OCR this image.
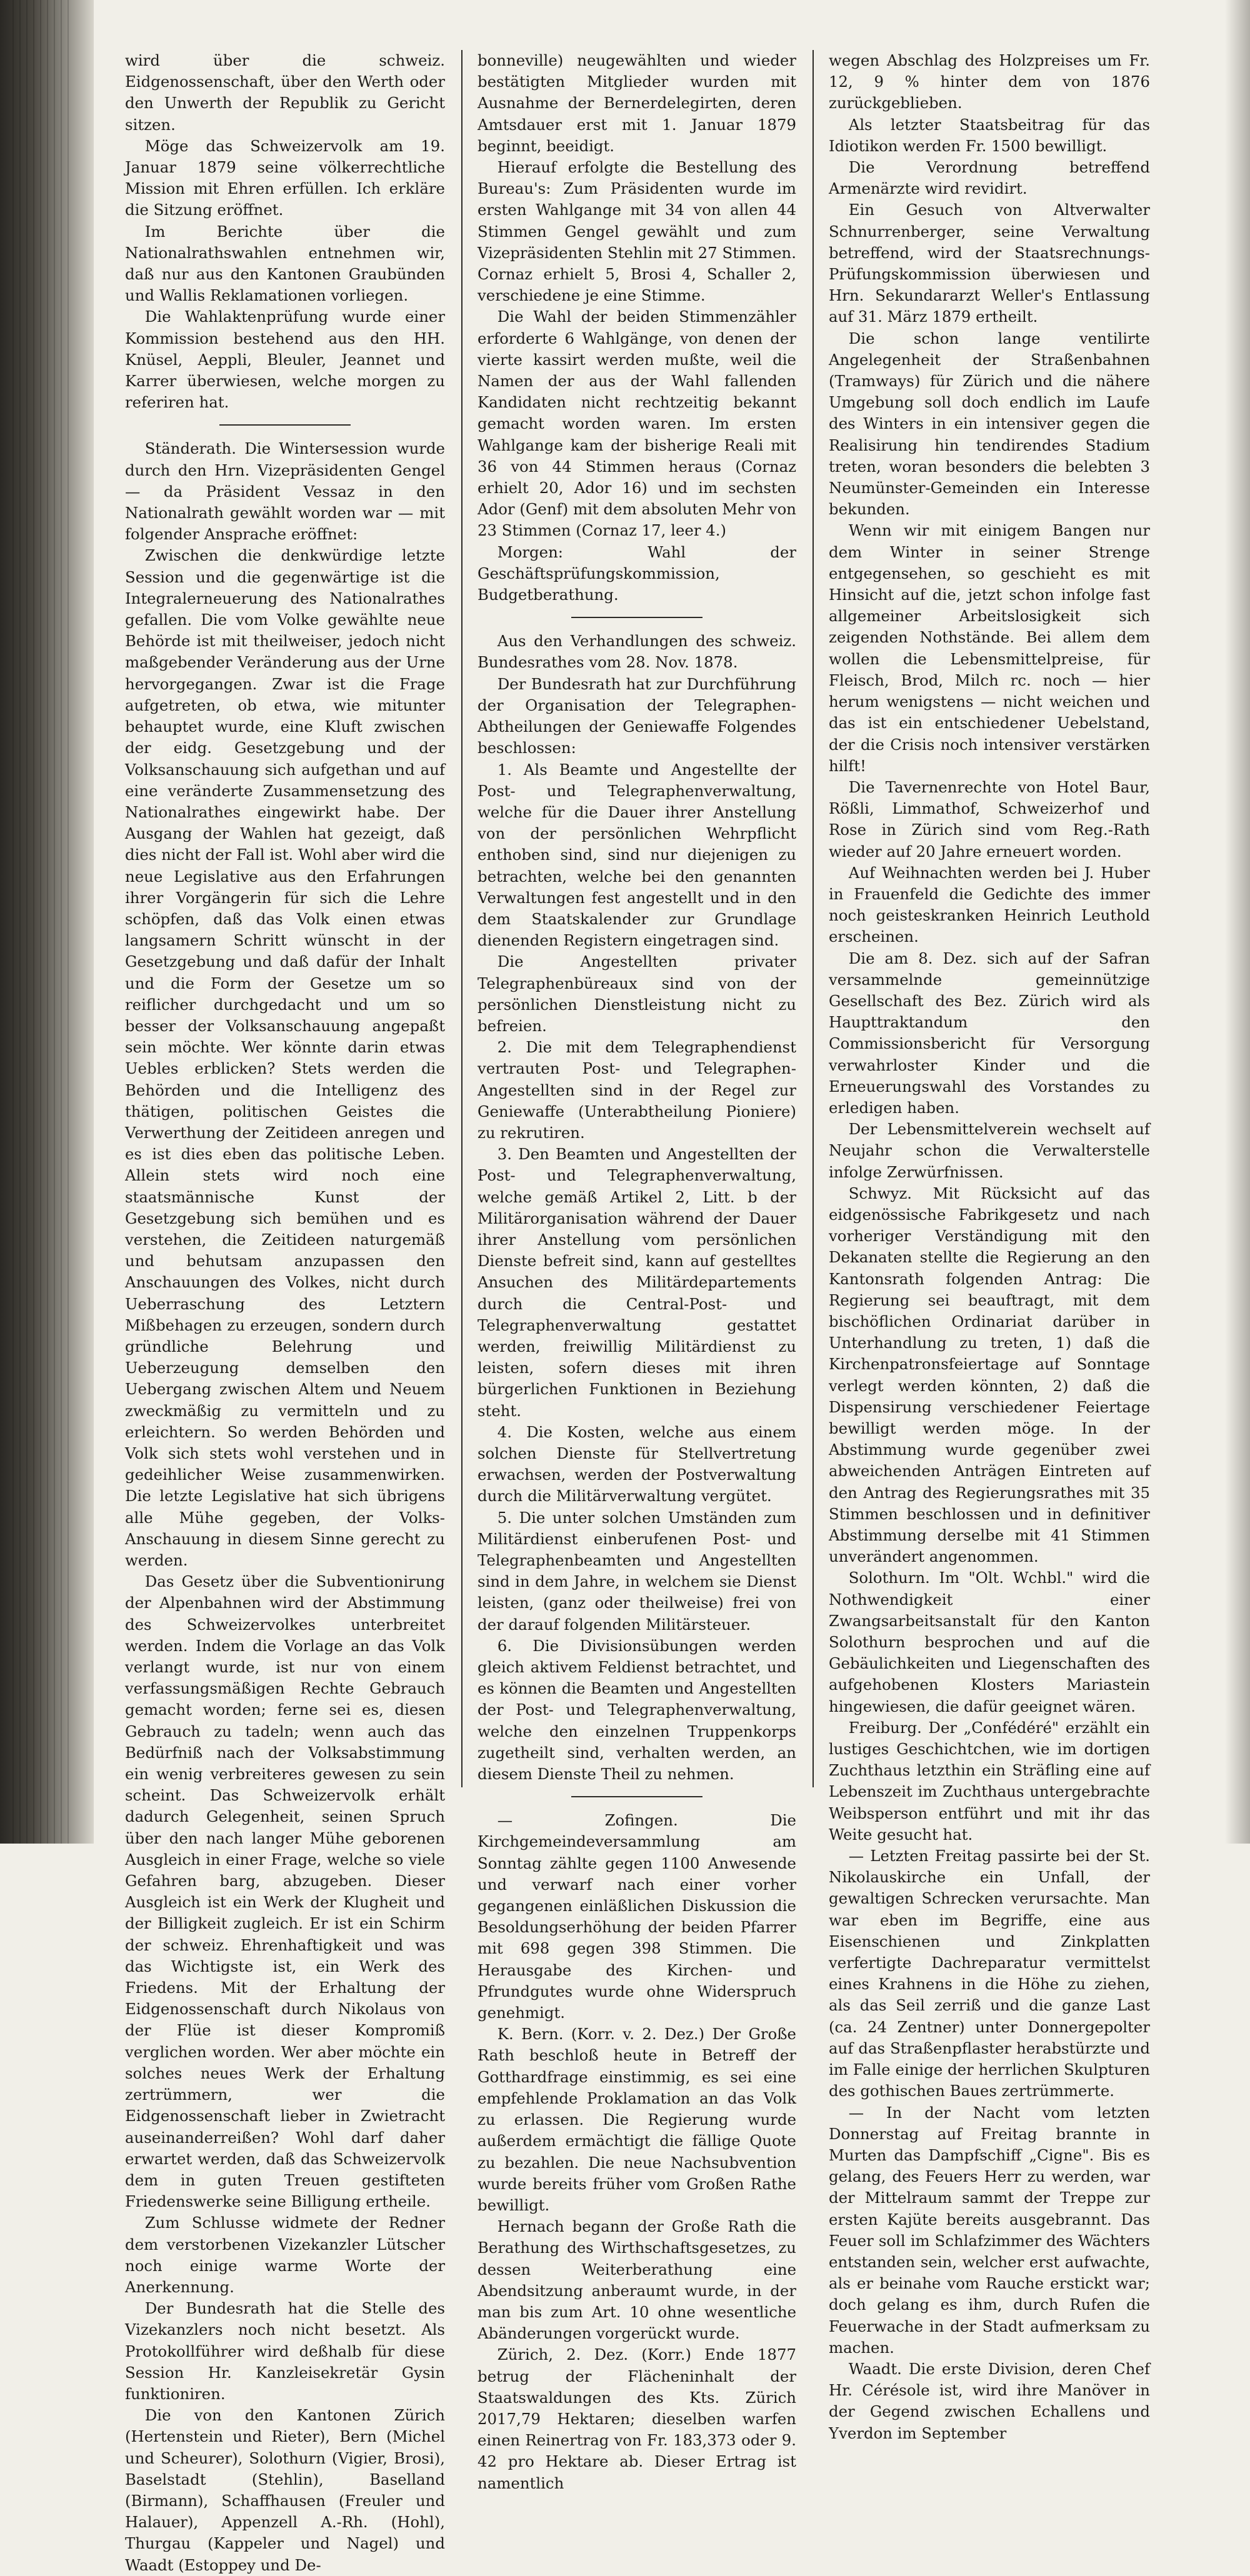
wird über die schweiz. Eidgenossenschaft, über den Werth oder den Unwerth der Republik zu Gericht sitzen.

Möge das Schweizervolk am 19. Januar 1879 seine völkerrechtliche Mission mit Ehren erfüllen. Ich erkläre die Sitzung eröffnet.

Im Berichte über die Nationalrathswahlen entnehmen wir, daß nur aus den Kantonen Graubünden und Wallis Reklamationen vorliegen.

Die Wahlaktenprüfung wurde einer Kommission bestehend aus den HH. Knüsel, Aeppli, Bleuler, Jeannet und Karrer überwiesen, welche morgen zu referiren hat.

Ständerath. Die Wintersession wurde durch den Hrn. Vizepräsidenten Gengel — da Präsident Vessaz in den Nationalrath gewählt worden war — mit folgender Ansprache eröffnet:

Zwischen die denkwürdige letzte Session und die gegenwärtige ist die Integralerneuerung des Nationalrathes gefallen. Die vom Volke gewählte neue Behörde ist mit theilweiser, jedoch nicht maßgebender Veränderung aus der Urne hervorgegangen. Zwar ist die Frage aufgetreten, ob etwa, wie mitunter behauptet wurde, eine Kluft zwischen der eidg. Gesetzgebung und der Volksanschauung sich aufgethan und auf eine veränderte Zusammensetzung des Nationalrathes eingewirkt habe. Der Ausgang der Wahlen hat gezeigt, daß dies nicht der Fall ist. Wohl aber wird die neue Legislative aus den Erfahrungen ihrer Vorgängerin für sich die Lehre schöpfen, daß das Volk einen etwas langsamern Schritt wünscht in der Gesetzgebung und daß dafür der Inhalt und die Form der Gesetze um so reiflicher durchgedacht und um so besser der Volksanschauung angepaßt sein möchte. Wer könnte darin etwas Uebles erblicken? Stets werden die Behörden und die Intelligenz des thätigen, politischen Geistes die Verwerthung der Zeitideen anregen und es ist dies eben das politische Leben. Allein stets wird noch eine staatsmännische Kunst der Gesetzgebung sich bemühen und es verstehen, die Zeitideen naturgemäß und behutsam anzupassen den Anschauungen des Volkes, nicht durch Ueberraschung des Letztern Mißbehagen zu erzeugen, sondern durch gründliche Belehrung und Ueberzeugung demselben den Uebergang zwischen Altem und Neuem zweckmäßig zu vermitteln und zu erleichtern. So werden Behörden und Volk sich stets wohl verstehen und in gedeihlicher Weise zusammenwirken. Die letzte Legislative hat sich übrigens alle Mühe gegeben, der Volks-Anschauung in diesem Sinne gerecht zu werden.

Das Gesetz über die Subventionirung der Alpenbahnen wird der Abstimmung des Schweizervolkes unterbreitet werden. Indem die Vorlage an das Volk verlangt wurde, ist nur von einem verfassungsmäßigen Rechte Gebrauch gemacht worden; ferne sei es, diesen Gebrauch zu tadeln; wenn auch das Bedürfniß nach der Volksabstimmung ein wenig verbreiteres gewesen zu sein scheint. Das Schweizervolk erhält dadurch Gelegenheit, seinen Spruch über den nach langer Mühe geborenen Ausgleich in einer Frage, welche so viele Gefahren barg, abzugeben. Dieser Ausgleich ist ein Werk der Klugheit und der Billigkeit zugleich. Er ist ein Schirm der schweiz. Ehrenhaftigkeit und was das Wichtigste ist, ein Werk des Friedens. Mit der Erhaltung der Eidgenossenschaft durch Nikolaus von der Flüe ist dieser Kompromiß verglichen worden. Wer aber möchte ein solches neues Werk der Erhaltung zertrümmern, wer die Eidgenossenschaft lieber in Zwietracht auseinanderreißen? Wohl darf daher erwartet werden, daß das Schweizervolk dem in guten Treuen gestifteten Friedenswerke seine Billigung ertheile.

Zum Schlusse widmete der Redner dem verstorbenen Vizekanzler Lütscher noch einige warme Worte der Anerkennung.

Der Bundesrath hat die Stelle des Vizekanzlers noch nicht besetzt. Als Protokollführer wird deßhalb für diese Session Hr. Kanzleisekretär Gysin funktioniren.

Die von den Kantonen Zürich (Hertenstein und Rieter), Bern (Michel und Scheurer), Solothurn (Vigier, Brosi), Baselstadt (Stehlin), Baselland (Birmann), Schaffhausen (Freuler und Halauer), Appenzell A.-Rh. (Hohl), Thurgau (Kappeler und Nagel) und Waadt (Estoppey und De-

bonneville) neugewählten und wieder bestätigten Mitglieder wurden mit Ausnahme der Bernerdelegirten, deren Amtsdauer erst mit 1. Januar 1879 beginnt, beeidigt.

Hierauf erfolgte die Bestellung des Bureau's: Zum Präsidenten wurde im ersten Wahlgange mit 34 von allen 44 Stimmen Gengel gewählt und zum Vizepräsidenten Stehlin mit 27 Stimmen. Cornaz erhielt 5, Brosi 4, Schaller 2, verschiedene je eine Stimme.

Die Wahl der beiden Stimmenzähler erforderte 6 Wahlgänge, von denen der vierte kassirt werden mußte, weil die Namen der aus der Wahl fallenden Kandidaten nicht rechtzeitig bekannt gemacht worden waren. Im ersten Wahlgange kam der bisherige Reali mit 36 von 44 Stimmen heraus (Cornaz erhielt 20, Ador 16) und im sechsten Ador (Genf) mit dem absoluten Mehr von 23 Stimmen (Cornaz 17, leer 4.)

Morgen: Wahl der Geschäftsprüfungskommission, Budgetberathung.

Aus den Verhandlungen des schweiz. Bundesrathes vom 28. Nov. 1878.

Der Bundesrath hat zur Durchführung der Organisation der Telegraphen-Abtheilungen der Geniewaffe Folgendes beschlossen:

1. Als Beamte und Angestellte der Post- und Telegraphenverwaltung, welche für die Dauer ihrer Anstellung von der persönlichen Wehrpflicht enthoben sind, sind nur diejenigen zu betrachten, welche bei den genannten Verwaltungen fest angestellt und in den dem Staatskalender zur Grundlage dienenden Registern eingetragen sind.

Die Angestellten privater Telegraphenbüreaux sind von der persönlichen Dienstleistung nicht zu befreien.

2. Die mit dem Telegraphendienst vertrauten Post- und Telegraphen-Angestellten sind in der Regel zur Geniewaffe (Unterabtheilung Pioniere) zu rekrutiren.

3. Den Beamten und Angestellten der Post- und Telegraphenverwaltung, welche gemäß Artikel 2, Litt. b der Militärorganisation während der Dauer ihrer Anstellung vom persönlichen Dienste befreit sind, kann auf gestelltes Ansuchen des Militärdepartements durch die Central-Post- und Telegraphenverwaltung gestattet werden, freiwillig Militärdienst zu leisten, sofern dieses mit ihren bürgerlichen Funktionen in Beziehung steht.

4. Die Kosten, welche aus einem solchen Dienste für Stellvertretung erwachsen, werden der Postverwaltung durch die Militärverwaltung vergütet.

5. Die unter solchen Umständen zum Militärdienst einberufenen Post- und Telegraphenbeamten und Angestellten sind in dem Jahre, in welchem sie Dienst leisten, (ganz oder theilweise) frei von der darauf folgenden Militärsteuer.

6. Die Divisionsübungen werden gleich aktivem Feldienst betrachtet, und es können die Beamten und Angestellten der Post- und Telegraphenverwaltung, welche den einzelnen Truppenkorps zugetheilt sind, verhalten werden, an diesem Dienste Theil zu nehmen.

— Zofingen. Die Kirchgemeindeversammlung am Sonntag zählte gegen 1100 Anwesende und verwarf nach einer vorher gegangenen einläßlichen Diskussion die Besoldungserhöhung der beiden Pfarrer mit 698 gegen 398 Stimmen. Die Herausgabe des Kirchen- und Pfrundgutes wurde ohne Widerspruch genehmigt.

K. Bern. (Korr. v. 2. Dez.) Der Große Rath beschloß heute in Betreff der Gotthardfrage einstimmig, es sei eine empfehlende Proklamation an das Volk zu erlassen. Die Regierung wurde außerdem ermächtigt die fällige Quote zu bezahlen. Die neue Nachsubvention wurde bereits früher vom Großen Rathe bewilligt.

Hernach begann der Große Rath die Berathung des Wirthschaftsgesetzes, zu dessen Weiterberathung eine Abendsitzung anberaumt wurde, in der man bis zum Art. 10 ohne wesentliche Abänderungen vorgerückt wurde.

Zürich, 2. Dez. (Korr.) Ende 1877 betrug der Flächeninhalt der Staatswaldungen des Kts. Zürich 2017,79 Hektaren; dieselben warfen einen Reinertrag von Fr. 183,373 oder 9. 42 pro Hektare ab. Dieser Ertrag ist namentlich

wegen Abschlag des Holzpreises um Fr. 12, 9 % hinter dem von 1876 zurückgeblieben.

Als letzter Staatsbeitrag für das Idiotikon werden Fr. 1500 bewilligt.

Die Verordnung betreffend Armenärzte wird revidirt.

Ein Gesuch von Altverwalter Schnurrenberger, seine Verwaltung betreffend, wird der Staatsrechnungs-Prüfungskommission überwiesen und Hrn. Sekundararzt Weller's Entlassung auf 31. März 1879 ertheilt.

Die schon lange ventilirte Angelegenheit der Straßenbahnen (Tramways) für Zürich und die nähere Umgebung soll doch endlich im Laufe des Winters in ein intensiver gegen die Realisirung hin tendirendes Stadium treten, woran besonders die belebten 3 Neumünster-Gemeinden ein Interesse bekunden.

Wenn wir mit einigem Bangen nur dem Winter in seiner Strenge entgegensehen, so geschieht es mit Hinsicht auf die, jetzt schon infolge fast allgemeiner Arbeitslosigkeit sich zeigenden Nothstände. Bei allem dem wollen die Lebensmittelpreise, für Fleisch, Brod, Milch rc. noch — hier herum wenigstens — nicht weichen und das ist ein entschiedener Uebelstand, der die Crisis noch intensiver verstärken hilft!

Die Tavernenrechte von Hotel Baur, Rößli, Limmathof, Schweizerhof und Rose in Zürich sind vom Reg.-Rath wieder auf 20 Jahre erneuert worden.

Auf Weihnachten werden bei J. Huber in Frauenfeld die Gedichte des immer noch geisteskranken Heinrich Leuthold erscheinen.

Die am 8. Dez. sich auf der Safran versammelnde gemeinnützige Gesellschaft des Bez. Zürich wird als Haupttraktandum den Commissionsbericht für Versorgung verwahrloster Kinder und die Erneuerungswahl des Vorstandes zu erledigen haben.

Der Lebensmittelverein wechselt auf Neujahr schon die Verwalterstelle infolge Zerwürfnissen.

Schwyz. Mit Rücksicht auf das eidgenössische Fabrikgesetz und nach vorheriger Verständigung mit den Dekanaten stellte die Regierung an den Kantonsrath folgenden Antrag: Die Regierung sei beauftragt, mit dem bischöflichen Ordinariat darüber in Unterhandlung zu treten, 1) daß die Kirchenpatronsfeiertage auf Sonntage verlegt werden könnten, 2) daß die Dispensirung verschiedener Feiertage bewilligt werden möge. In der Abstimmung wurde gegenüber zwei abweichenden Anträgen Eintreten auf den Antrag des Regierungsrathes mit 35 Stimmen beschlossen und in definitiver Abstimmung derselbe mit 41 Stimmen unverändert angenommen.

Solothurn. Im "Olt. Wchbl." wird die Nothwendigkeit einer Zwangsarbeitsanstalt für den Kanton Solothurn besprochen und auf die Gebäulichkeiten und Liegenschaften des aufgehobenen Klosters Mariastein hingewiesen, die dafür geeignet wären.

Freiburg. Der „Confédéré" erzählt ein lustiges Geschichtchen, wie im dortigen Zuchthaus letzthin ein Sträfling eine auf Lebenszeit im Zuchthaus untergebrachte Weibsperson entführt und mit ihr das Weite gesucht hat.

— Letzten Freitag passirte bei der St. Nikolauskirche ein Unfall, der gewaltigen Schrecken verursachte. Man war eben im Begriffe, eine aus Eisenschienen und Zinkplatten verfertigte Dachreparatur vermittelst eines Krahnens in die Höhe zu ziehen, als das Seil zerriß und die ganze Last (ca. 24 Zentner) unter Donnergepolter auf das Straßenpflaster herabstürzte und im Falle einige der herrlichen Skulpturen des gothischen Baues zertrümmerte.

— In der Nacht vom letzten Donnerstag auf Freitag brannte in Murten das Dampfschiff „Cigne". Bis es gelang, des Feuers Herr zu werden, war der Mittelraum sammt der Treppe zur ersten Kajüte bereits ausgebrannt. Das Feuer soll im Schlafzimmer des Wächters entstanden sein, welcher erst aufwachte, als er beinahe vom Rauche erstickt war; doch gelang es ihm, durch Rufen die Feuerwache in der Stadt aufmerksam zu machen.

Waadt. Die erste Division, deren Chef Hr. Cérésole ist, wird ihre Manöver in der Gegend zwischen Echallens und Yverdon im September
